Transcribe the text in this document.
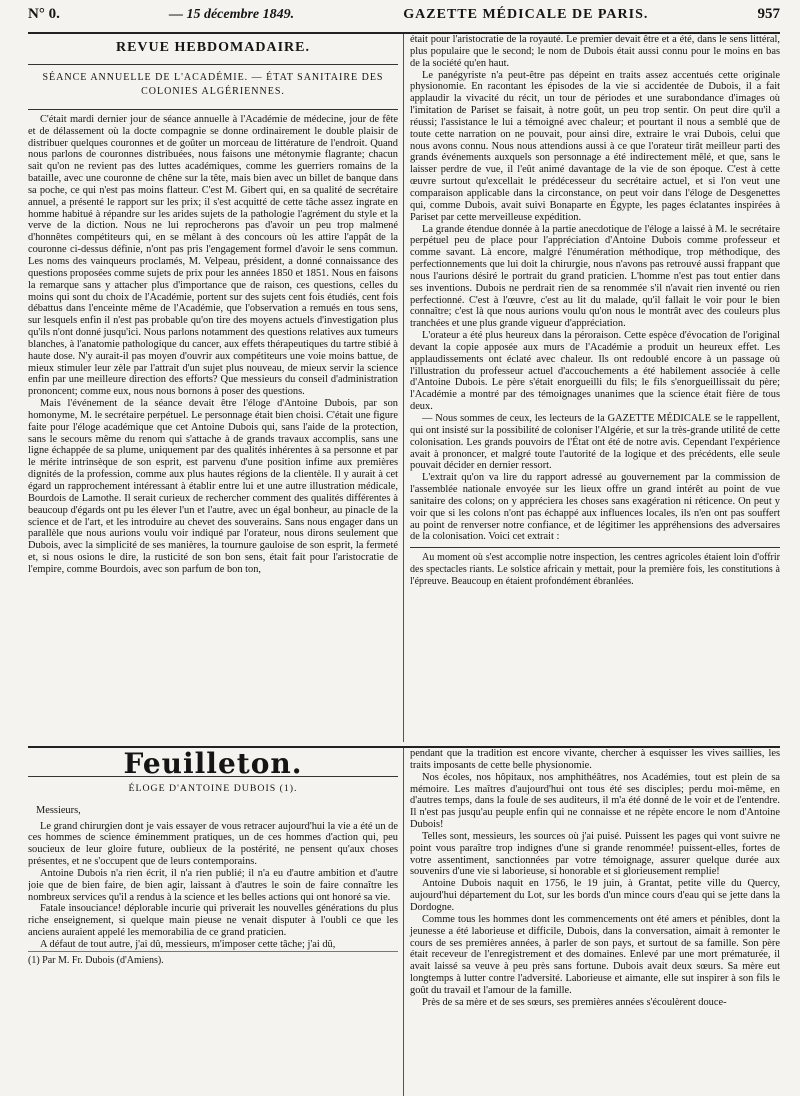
N° 0.	— 15 décembre 1849.	GAZETTE MÉDICALE DE PARIS.	957
REVUE HEBDOMADAIRE.
SÉANCE ANNUELLE DE L'ACADÉMIE. — ÉTAT SANITAIRE DES COLONIES ALGÉRIENNES.

C'était mardi dernier jour de séance annuelle à l'Académie de médecine, jour de fête et de délassement où la docte compagnie se donne ordinairement le double plaisir de distribuer quelques couronnes et de goûter un morceau de littérature de l'endroit. Quand nous parlons de couronnes distribuées, nous faisons une métonymie flagrante; chacun sait qu'on ne revient pas des luttes académiques, comme les guerriers romains de la bataille, avec une couronne de chêne sur la tête, mais bien avec un billet de banque dans sa poche, ce qui n'est pas moins flatteur. C'est M. Gibert qui, en sa qualité de secrétaire annuel, a présenté le rapport sur les prix; il s'est acquitté de cette tâche assez ingrate en homme habitué à répandre sur les arides sujets de la pathologie l'agrément du style et la verve de la diction. Nous ne lui reprocherons pas d'avoir un peu trop malmené d'honnêtes compétiteurs qui, en se mêlant à des concours où les attire l'appât de la couronne ci-dessus définie, n'ont pas pris l'engagement formel d'avoir le sens commun. Les noms des vainqueurs proclamés, M. Velpeau, président, a donné connaissance des questions proposées comme sujets de prix pour les années 1850 et 1851. Nous en faisons la remarque sans y attacher plus d'importance que de raison, ces questions, celles du moins qui sont du choix de l'Académie, portent sur des sujets cent fois étudiés, cent fois débattus dans l'enceinte même de l'Académie, que l'observation a remués en tous sens, sur lesquels enfin il n'est pas probable qu'on tire des moyens actuels d'investigation plus qu'ils n'ont donné jusqu'ici. Nous parlons notamment des questions relatives aux tumeurs blanches, à l'anatomie pathologique du cancer, aux effets thérapeutiques du tartre stibié à haute dose. N'y aurait-il pas moyen d'ouvrir aux compétiteurs une voie moins battue, de mieux stimuler leur zèle par l'attrait d'un sujet plus nouveau, de mieux servir la science enfin par une meilleure direction des efforts? Que messieurs du conseil d'administration prononcent; comme eux, nous nous bornons à poser des questions.

Mais l'événement de la séance devait être l'éloge d'Antoine Dubois, par son homonyme, M. le secrétaire perpétuel. Le personnage était bien choisi. C'était une figure faite pour l'éloge académique que cet Antoine Dubois qui, sans l'aide de la protection, sans le secours même du renom qui s'attache à de grands travaux accomplis, sans une ligne échappée de sa plume, uniquement par des qualités inhérentes à sa personne et par le mérite intrinsèque de son esprit, est parvenu d'une position infime aux premières dignités de la profession, comme aux plus hautes régions de la clientèle. Il y aurait à cet égard un rapprochement intéressant à établir entre lui et une autre illustration médicale, Bourdois de Lamothe. Il serait curieux de rechercher comment des qualités différentes à beaucoup d'égards ont pu les élever l'un et l'autre, avec un égal bonheur, au pinacle de la science et de l'art, et les introduire au chevet des souverains. Sans nous engager dans un parallèle que nous aurions voulu voir indiqué par l'orateur, nous dirons seulement que Dubois, avec la simplicité de ses manières, la tournure gauloise de son esprit, la fermeté et, si nous osions le dire, la rusticité de son bon sens, était fait pour l'aristocratie de l'empire, comme Bourdois, avec son parfum de bon ton,

était pour l'aristocratie de la royauté. Le premier devait être et a été, dans le sens littéral, plus populaire que le second; le nom de Dubois était aussi connu pour le moins en bas de la société qu'en haut.

Le panégyriste n'a peut-être pas dépeint en traits assez accentués cette originale physionomie. En racontant les épisodes de la vie si accidentée de Dubois, il a fait applaudir la vivacité du récit, un tour de périodes et une surabondance d'images où l'imitation de Pariset se faisait, à notre goût, un peu trop sentir. On peut dire qu'il a réussi; l'assistance le lui a témoigné avec chaleur; et pourtant il nous a semblé que de toute cette narration on ne pouvait, pour ainsi dire, extraire le vrai Dubois, celui que nous avons connu. Nous nous attendions aussi à ce que l'orateur tirât meilleur parti des grands événements auxquels son personnage a été indirectement mêlé, et que, sans le laisser perdre de vue, il l'eût animé davantage de la vie de son époque. C'est à cette œuvre surtout qu'excellait le prédécesseur du secrétaire actuel, et si l'on veut une comparaison applicable dans la circonstance, on peut voir dans l'éloge de Desgenettes qui, comme Dubois, avait suivi Bonaparte en Égypte, les pages éclatantes inspirées à Pariset par cette merveilleuse expédition.

La grande étendue donnée à la partie anecdotique de l'éloge a laissé à M. le secrétaire perpétuel peu de place pour l'appréciation d'Antoine Dubois comme professeur et comme savant. Là encore, malgré l'énumération méthodique, trop méthodique, des perfectionnements que lui doit la chirurgie, nous n'avons pas retrouvé aussi frappant que nous l'aurions désiré le portrait du grand praticien. L'homme n'est pas tout entier dans ses inventions. Dubois ne perdrait rien de sa renommée s'il n'avait rien inventé ou rien perfectionné. C'est à l'œuvre, c'est au lit du malade, qu'il fallait le voir pour le bien connaître; c'est là que nous aurions voulu qu'on nous le montrât avec des couleurs plus tranchées et une plus grande vigueur d'appréciation.

L'orateur a été plus heureux dans la péroraison. Cette espèce d'évocation de l'original devant la copie apposée aux murs de l'Académie a produit un heureux effet. Les applaudissements ont éclaté avec chaleur. Ils ont redoublé encore à un passage où l'illustration du professeur actuel d'accouchements a été habilement associée à celle d'Antoine Dubois. Le père s'était enorgueilli du fils; le fils s'enorgueillissait du père; l'Académie a montré par des témoignages unanimes que la science était fière de tous deux.

— Nous sommes de ceux, les lecteurs de la GAZETTE MÉDICALE se le rappellent, qui ont insisté sur la possibilité de coloniser l'Algérie, et sur la très-grande utilité de cette colonisation. Les grands pouvoirs de l'État ont été de notre avis. Cependant l'expérience avait à prononcer, et malgré toute l'autorité de la logique et des précédents, elle seule pouvait décider en dernier ressort.

L'extrait qu'on va lire du rapport adressé au gouvernement par la commission de l'assemblée nationale envoyée sur les lieux offre un grand intérêt au point de vue sanitaire des colons; on y appréciera les choses sans exagération ni réticence. On peut y voir que si les colons n'ont pas échappé aux influences locales, ils n'en ont pas souffert au point de renverser notre confiance, et de légitimer les appréhensions des adversaires de la colonisation. Voici cet extrait :

Au moment où s'est accomplie notre inspection, les centres agricoles étaient loin d'offrir des spectacles riants. Le solstice africain y mettait, pour la première fois, les constitutions à l'épreuve. Beaucoup en étaient profondément ébranlées.

Feuilleton.
ÉLOGE D'ANTOINE DUBOIS (1).

Messieurs,

Le grand chirurgien dont je vais essayer de vous retracer aujourd'hui la vie a été un de ces hommes de science éminemment pratiques, un de ces hommes d'action qui, peu soucieux de leur gloire future, oublieux de la postérité, ne pensent qu'aux choses présentes, et ne s'occupent que de leurs contemporains.

Antoine Dubois n'a rien écrit, il n'a rien publié; il n'a eu d'autre ambition et d'autre joie que de bien faire, de bien agir, laissant à d'autres le soin de faire connaître les nombreux services qu'il a rendus à la science et les belles actions qui ont honoré sa vie.

Fatale insouciance! déplorable incurie qui priverait les nouvelles générations du plus riche enseignement, si quelque main pieuse ne venait disputer à l'oubli ce que les anciens auraient appelé les memorabilia de ce grand praticien.

A défaut de tout autre, j'ai dû, messieurs, m'imposer cette tâche; j'ai dû,

(1) Par M. Fr. Dubois (d'Amiens).

pendant que la tradition est encore vivante, chercher à esquisser les vives saillies, les traits imposants de cette belle physionomie.

Nos écoles, nos hôpitaux, nos amphithéâtres, nos Académies, tout est plein de sa mémoire. Les maîtres d'aujourd'hui ont tous été ses disciples; perdu moi-même, en d'autres temps, dans la foule de ses auditeurs, il m'a été donné de le voir et de l'entendre. Il n'est pas jusqu'au peuple enfin qui ne connaisse et ne répète encore le nom d'Antoine Dubois!

Telles sont, messieurs, les sources où j'ai puisé. Puissent les pages qui vont suivre ne point vous paraître trop indignes d'une si grande renommée! puissent-elles, fortes de votre assentiment, sanctionnées par votre témoignage, assurer quelque durée aux souvenirs d'une vie si laborieuse, si honorable et si glorieusement remplie!

Antoine Dubois naquit en 1756, le 19 juin, à Grantat, petite ville du Quercy, aujourd'hui département du Lot, sur les bords d'un mince cours d'eau qui se jette dans la Dordogne.

Comme tous les hommes dont les commencements ont été amers et pénibles, dont la jeunesse a été laborieuse et difficile, Dubois, dans la conversation, aimait à remonter le cours de ses premières années, à parler de son pays, et surtout de sa famille. Son père était receveur de l'enregistrement et des domaines. Enlevé par une mort prématurée, il avait laissé sa veuve à peu près sans fortune. Dubois avait deux sœurs. Sa mère eut longtemps à lutter contre l'adversité. Laborieuse et aimante, elle sut inspirer à son fils le goût du travail et l'amour de la famille.

Près de sa mère et de ses sœurs, ses premières années s'écoulèrent douce-
